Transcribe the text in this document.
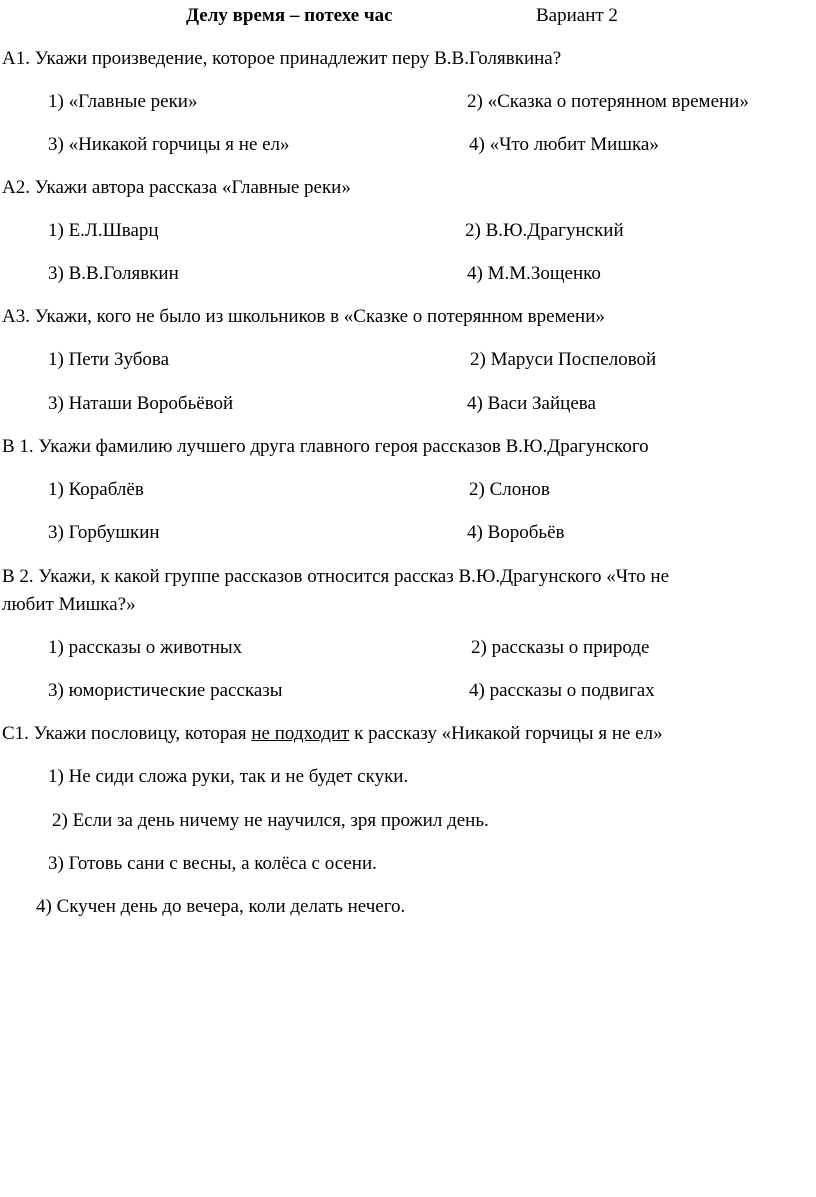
Делу время – потехе час	Вариант 2
А1. Укажи произведение, которое принадлежит перу В.В.Голявкина?
1) «Главные реки»	2) «Сказка о потерянном времени»
3) «Никакой горчицы я не ел»	4) «Что любит Мишка»
А2. Укажи автора рассказа «Главные реки»
1) Е.Л.Шварц	2) В.Ю.Драгунский
3) В.В.Голявкин	4) М.М.Зощенко
А3. Укажи, кого не было из школьников в «Сказке о потерянном времени»
1) Пети Зубова	2) Маруси Поспеловой
3) Наташи Воробьёвой	4) Васи Зайцева
В 1. Укажи фамилию лучшего друга главного героя рассказов В.Ю.Драгунского
1) Кораблёв	2) Слонов
3) Горбушкин	4) Воробьёв
В 2. Укажи, к какой группе рассказов относится рассказ В.Ю.Драгунского «Что не
любит Мишка?»
1) рассказы о животных	2) рассказы о природе
3) юмористические рассказы	4) рассказы о подвигах
С1. Укажи пословицу, которая не подходит к рассказу «Никакой горчицы я не ел»
1) Не сиди сложа руки, так и не будет скуки.
2) Если за день ничему не научился, зря прожил день.
3) Готовь сани с весны, а колёса с осени.
4) Скучен день до вечера, коли делать нечего.
